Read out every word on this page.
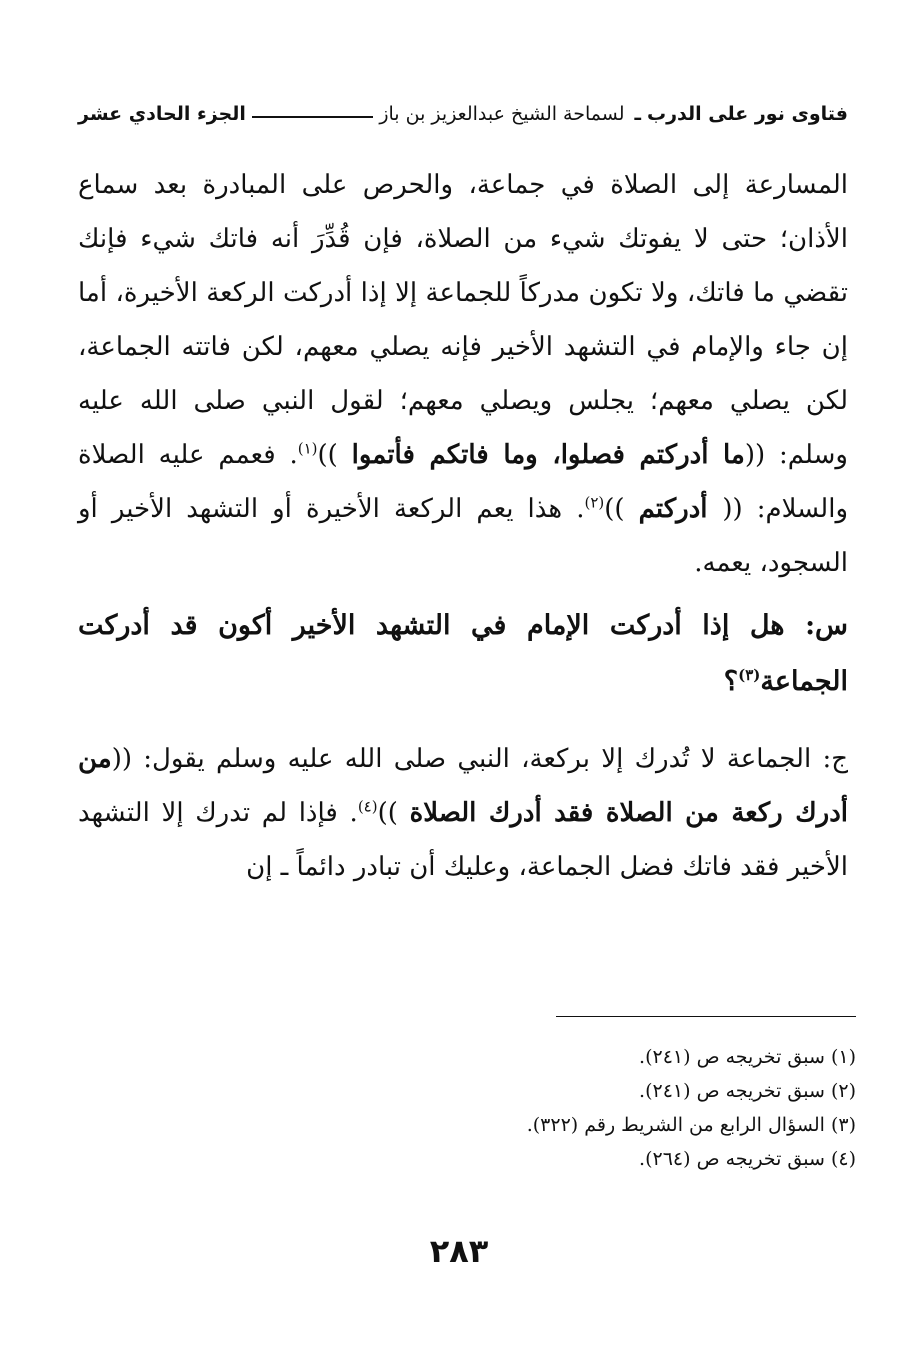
فتاوى نور على الدرب
ـ
لسماحة الشيخ عبدالعزيز بن باز
الجزء الحادي عشر

المسارعة إلى الصلاة في جماعة، والحرص على المبادرة بعد سماع الأذان؛ حتى لا يفوتك شيء من الصلاة، فإن قُدِّرَ أنه فاتك شيء فإنك تقضي ما فاتك، ولا تكون مدركاً للجماعة إلا إذا أدركت الركعة الأخيرة، أما إن جاء والإمام في التشهد الأخير فإنه يصلي معهم، لكن فاتته الجماعة، لكن يصلي معهم؛ يجلس ويصلي معهم؛ لقول النبي صلى الله عليه وسلم: ((ما أدركتم فصلوا، وما فاتكم فأتموا ))$^{(١)}$. فعمم عليه الصلاة والسلام: (( أدركتم ))$^{(٢)}$. هذا يعم الركعة الأخيرة أو التشهد الأخير أو السجود، يعمه.

س: هل إذا أدركت الإمام في التشهد الأخير أكون قد أدركت الجماعة$^{(٣)}$؟

ج: الجماعة لا تُدرك إلا بركعة، النبي صلى الله عليه وسلم يقول: ((من أدرك ركعة من الصلاة فقد أدرك الصلاة ))$^{(٤)}$. فإذا لم تدرك إلا التشهد الأخير فقد فاتك فضل الجماعة، وعليك أن تبادر دائماً ـ إن

(١) سبق تخريجه ص (٢٤١).
(٢) سبق تخريجه ص (٢٤١).
(٣) السؤال الرابع من الشريط رقم (٣٢٢).
(٤) سبق تخريجه ص (٢٦٤).
٢٨٣
